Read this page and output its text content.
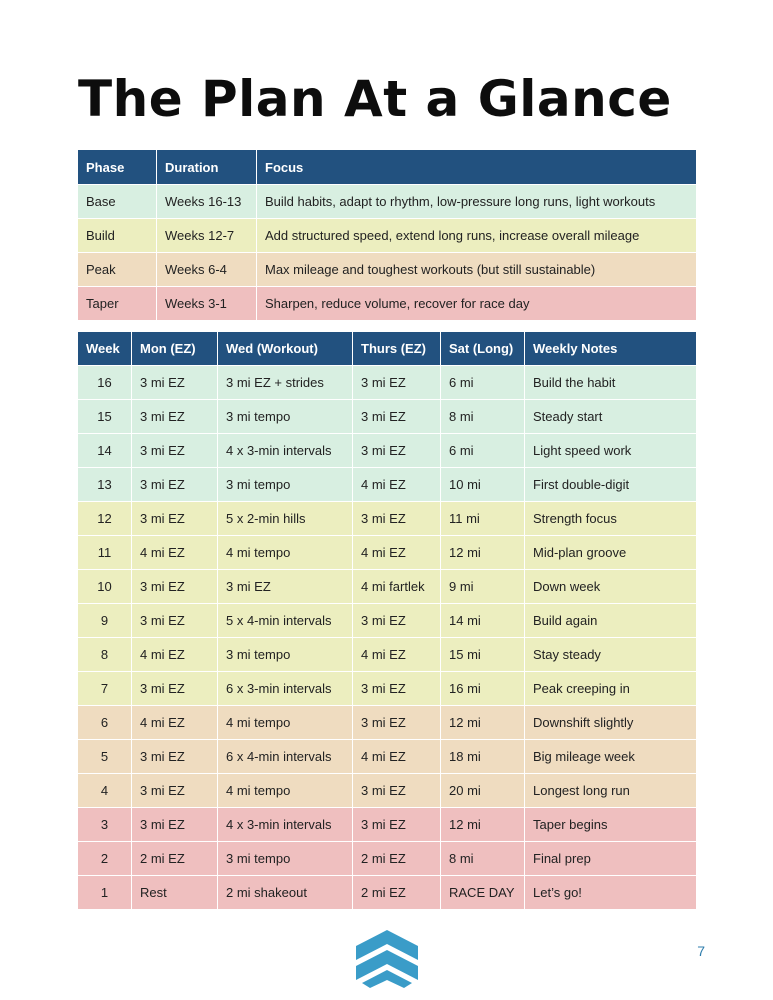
The Plan At a Glance
Phase	Duration	Focus
Base	Weeks 16-13	Build habits, adapt to rhythm, low-pressure long runs, light workouts
Build	Weeks 12-7	Add structured speed, extend long runs, increase overall mileage
Peak	Weeks 6-4	Max mileage and toughest workouts (but still sustainable)
Taper	Weeks 3-1	Sharpen, reduce volume, recover for race day
Week	Mon (EZ)	Wed (Workout)	Thurs (EZ)	Sat (Long)	Weekly Notes
16	3 mi EZ	3 mi EZ + strides	3 mi EZ	6 mi	Build the habit
15	3 mi EZ	3 mi tempo	3 mi EZ	8 mi	Steady start
14	3 mi EZ	4 x 3-min intervals	3 mi EZ	6 mi	Light speed work
13	3 mi EZ	3 mi tempo	4 mi EZ	10 mi	First double-digit
12	3 mi EZ	5 x 2-min hills	3 mi EZ	11 mi	Strength focus
11	4 mi EZ	4 mi tempo	4 mi EZ	12 mi	Mid-plan groove
10	3 mi EZ	3 mi EZ	4 mi fartlek	9 mi	Down week
9	3 mi EZ	5 x 4-min intervals	3 mi EZ	14 mi	Build again
8	4 mi EZ	3 mi tempo	4 mi EZ	15 mi	Stay steady
7	3 mi EZ	6 x 3-min intervals	3 mi EZ	16 mi	Peak creeping in
6	4 mi EZ	4 mi tempo	3 mi EZ	12 mi	Downshift slightly
5	3 mi EZ	6 x 4-min intervals	4 mi EZ	18 mi	Big mileage week
4	3 mi EZ	4 mi tempo	3 mi EZ	20 mi	Longest long run
3	3 mi EZ	4 x 3-min intervals	3 mi EZ	12 mi	Taper begins
2	2 mi EZ	3 mi tempo	2 mi EZ	8 mi	Final prep
1	Rest	2 mi shakeout	2 mi EZ	RACE DAY	Let’s go!
7
